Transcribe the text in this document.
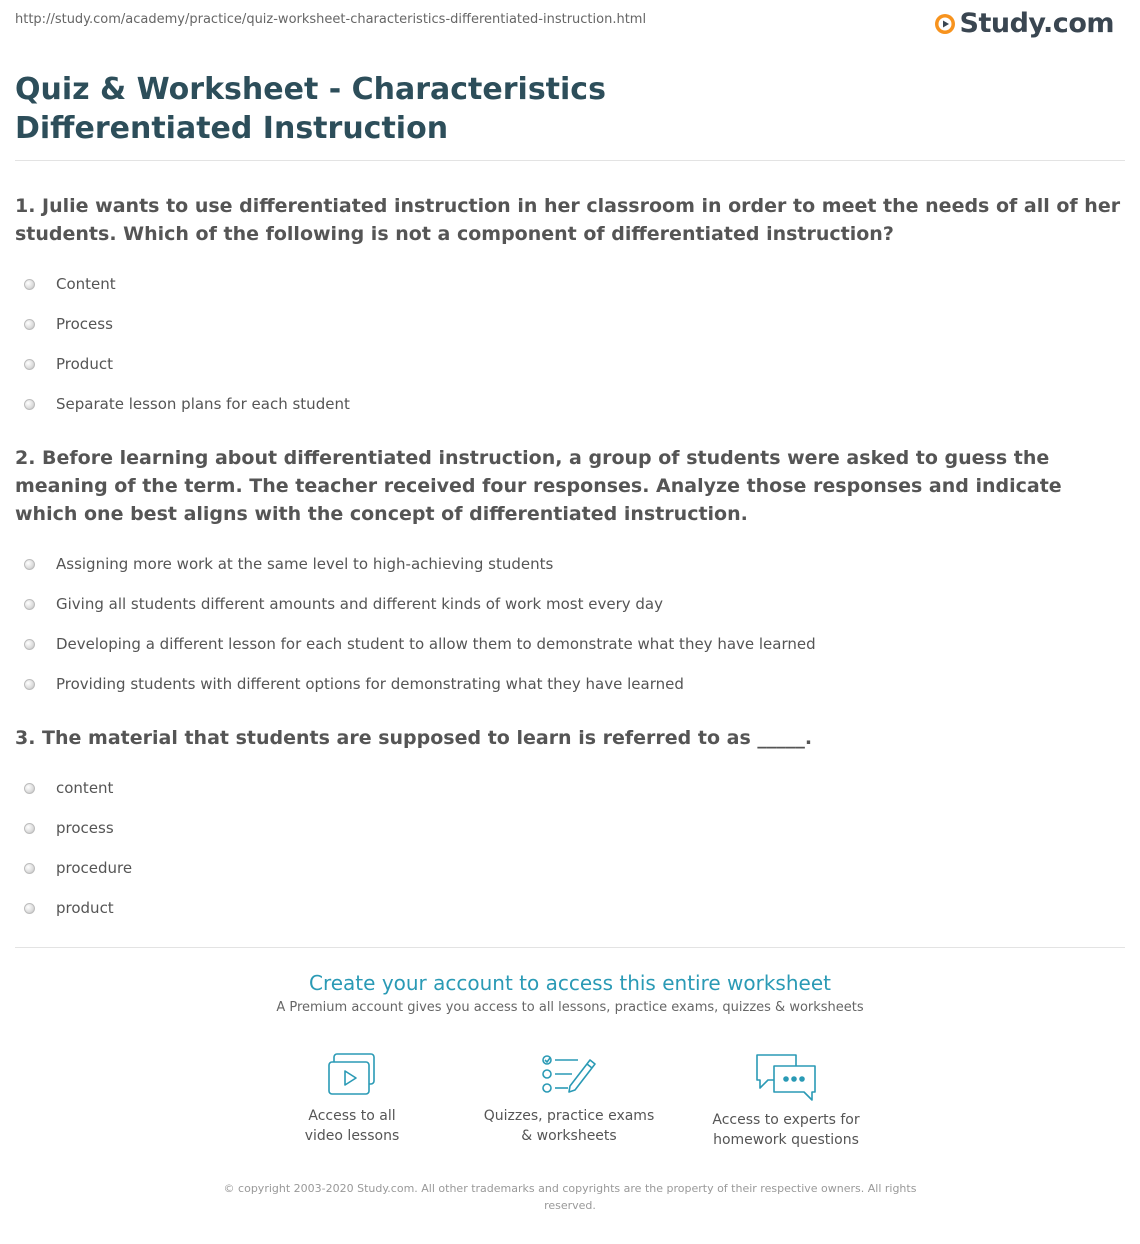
http://study.com/academy/practice/quiz-worksheet-characteristics-differentiated-instruction.html	Study.com
Quiz & Worksheet - Characteristics Differentiated Instruction

1. Julie wants to use differentiated instruction in her classroom in order to meet the needs of all of her students. Which of the following is not a component of differentiated instruction?

Content
Process
Product
Separate lesson plans for each student

2. Before learning about differentiated instruction, a group of students were asked to guess the meaning of the term. The teacher received four responses. Analyze those responses and indicate which one best aligns with the concept of differentiated instruction.

Assigning more work at the same level to high-achieving students
Giving all students different amounts and different kinds of work most every day
Developing a different lesson for each student to allow them to demonstrate what they have learned
Providing students with different options for demonstrating what they have learned

3. The material that students are supposed to learn is referred to as _____.

content
process
procedure
product

Create your account to access this entire worksheet

A Premium account gives you access to all lessons, practice exams, quizzes & worksheets

Access to all
video lessons
Quizzes, practice exams
& worksheets
Access to experts for
homework questions
© copyright 2003-2020 Study.com. All other trademarks and copyrights are the property of their respective owners. All rights reserved.
